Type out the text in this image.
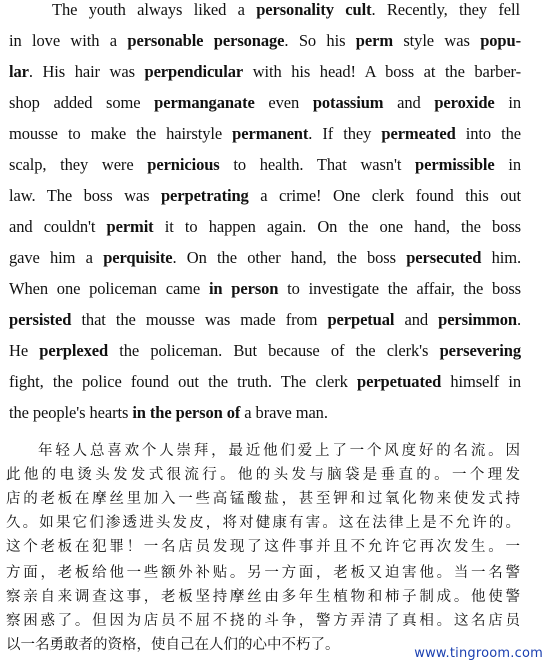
The youth always liked a personality cult. Recently, they fell
in love with a personable personage. So his perm style was popu-
lar. His hair was perpendicular with his head! A boss at the barber-
shop added some permanganate even potassium and peroxide in
mousse to make the hairstyle permanent. If they permeated into the
scalp, they were pernicious to health. That wasn't permissible in
law. The boss was perpetrating a crime! One clerk found this out
and couldn't permit it to happen again. On the one hand, the boss
gave him a perquisite. On the other hand, the boss persecuted him.
When one policeman came in person to investigate the affair, the boss
persisted that the mousse was made from perpetual and persimmon.
He perplexed the policeman. But because of the clerk's persevering
fight, the police found out the truth. The clerk perpetuated himself in
the people's hearts in the person of a brave man.
年轻人总喜欢个人崇拜，最近他们爱上了一个风度好的名流。因
此他的电烫头发发式很流行。他的头发与脑袋是垂直的。一个理发
店的老板在摩丝里加入一些高锰酸盐，甚至钾和过氧化物来使发式持
久。如果它们渗透进头发皮，将对健康有害。这在法律上是不允许的。
这个老板在犯罪！一名店员发现了这件事并且不允许它再次发生。一
方面，老板给他一些额外补贴。另一方面，老板又迫害他。当一名警
察亲自来调查这事，老板坚持摩丝由多年生植物和柿子制成。他使警
察困惑了。但因为店员不屈不挠的斗争，警方弄清了真相。这名店员
以一名勇敢者的资格，使自己在人们的心中不朽了。
www.tingroom.com
